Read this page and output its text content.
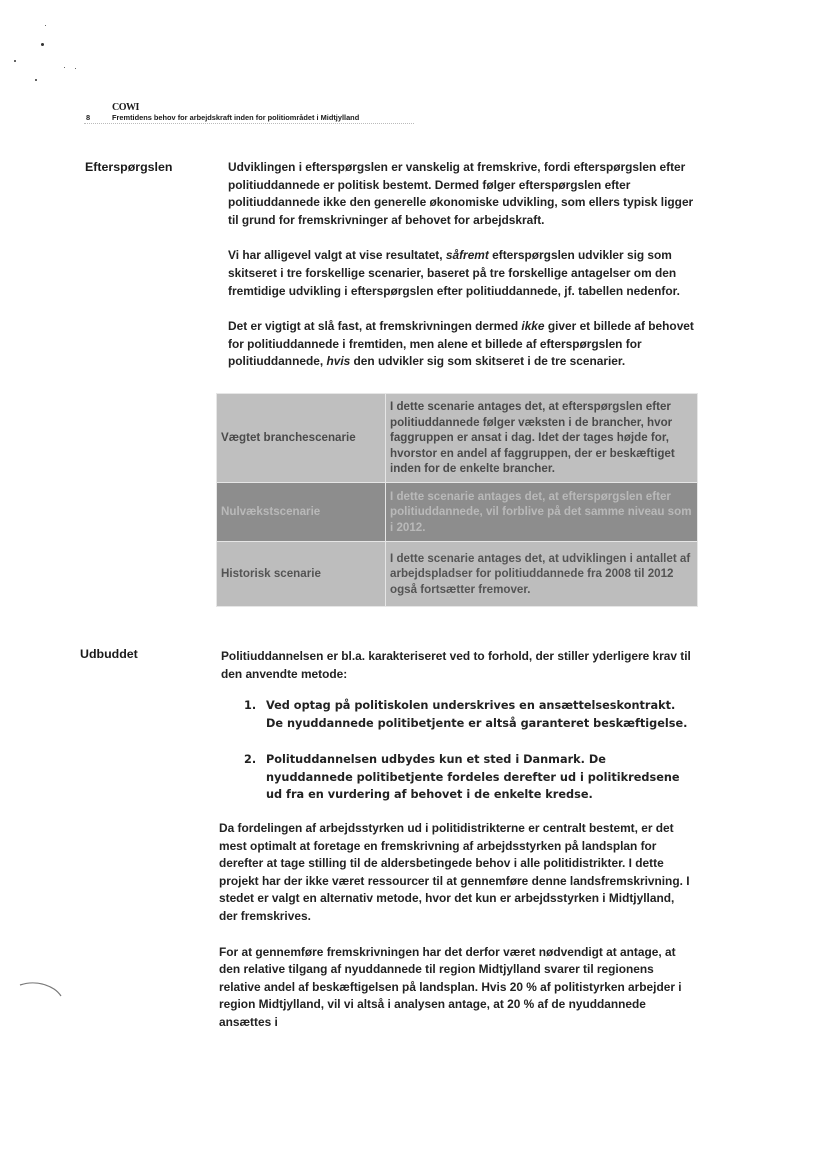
COWI
8	Fremtidens behov for arbejdskraft inden for politiområdet i Midtjylland
Efterspørgslen	Udviklingen i efterspørgslen er vanskelig at fremskrive, fordi efterspørgslen efter politiuddannede er politisk bestemt. Dermed følger efterspørgslen efter politiuddannede ikke den generelle økonomiske udvikling, som ellers typisk ligger til grund for fremskrivninger af behovet for arbejdskraft.

Vi har alligevel valgt at vise resultatet, såfremt efterspørgslen udvikler sig som skitseret i tre forskellige scenarier, baseret på tre forskellige antagelser om den fremtidige udvikling i efterspørgslen efter politiuddannede, jf. tabellen nedenfor.

Det er vigtigt at slå fast, at fremskrivningen dermed ikke giver et billede af behovet for politiuddannede i fremtiden, men alene et billede af efterspørgslen for politiuddannede, hvis den udvikler sig som skitseret i de tre scenarier.

Vægtet branchescenarie	I dette scenarie antages det, at efterspørgslen efter politiuddannede følger væksten i de brancher, hvor faggruppen er ansat i dag. Idet der tages højde for, hvorstor en andel af faggruppen, der er beskæftiget inden for de enkelte brancher.
Nulvækstscenarie	I dette scenarie antages det, at efterspørgslen efter politiuddannede, vil forblive på det samme niveau som i 2012.
Historisk scenarie	I dette scenarie antages det, at udviklingen i antallet af arbejdspladser for politiuddannede fra 2008 til 2012 også fortsætter fremover.
Udbuddet	Politiuddannelsen er bl.a. karakteriseret ved to forhold, der stiller yderligere krav til den anvendte metode:
1. Ved optag på politiskolen underskrives en ansættelseskontrakt. De nyuddannede politibetjente er altså garanteret beskæftigelse.
2. Polituddannelsen udbydes kun et sted i Danmark. De nyuddannede politibetjente fordeles derefter ud i politikredsene ud fra en vurdering af behovet i de enkelte kredse.

Da fordelingen af arbejdsstyrken ud i politidistrikterne er centralt bestemt, er det mest optimalt at foretage en fremskrivning af arbejdsstyrken på landsplan for derefter at tage stilling til de aldersbetingede behov i alle politidistrikter. I dette projekt har der ikke været ressourcer til at gennemføre denne landsfremskrivning. I stedet er valgt en alternativ metode, hvor det kun er arbejdsstyrken i Midtjylland, der fremskrives.

For at gennemføre fremskrivningen har det derfor været nødvendigt at antage, at den relative tilgang af nyuddannede til region Midtjylland svarer til regionens relative andel af beskæftigelsen på landsplan. Hvis 20 % af politistyrken arbejder i region Midtjylland, vil vi altså i analysen antage, at 20 % af de nyuddannede ansættes i
